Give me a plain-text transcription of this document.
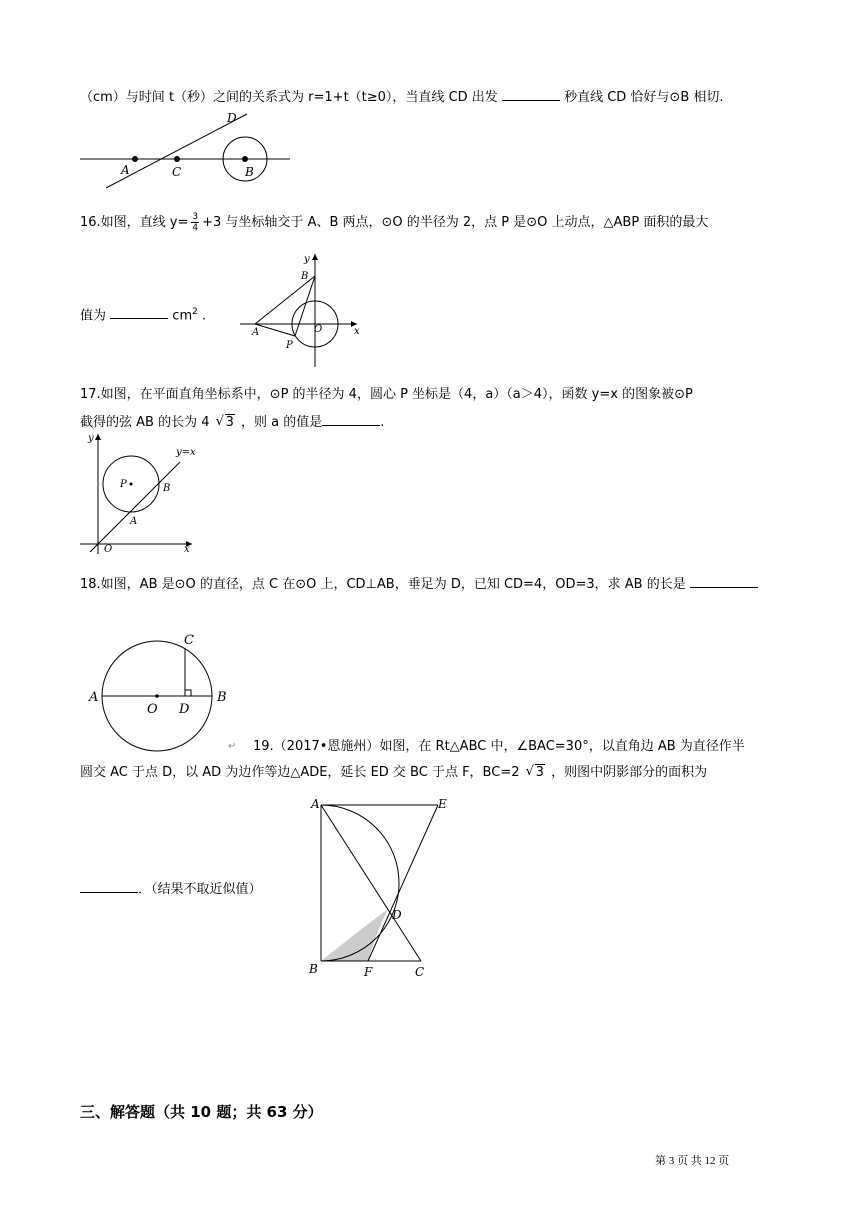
（cm）与时间 t（秒）之间的关系式为 r=1+t（t≥0），当直线 CD 出发	秒直线 CD 恰好与⊙B 相切.
A	C
D
B
16.如图，直线 $y= \frac{3}{4} +3$ 与坐标轴交于 A、B 两点，⊙O 的半径为 2，点 P 是⊙O 上动点，△ABP 面积的最大
值为	$cm^2$ .
y
B
A	O	x
P
17.如图，在平面直角坐标系中，⊙P 的半径为 4，圆心 P 坐标是（4，a）（a＞4），函数 y=x 的图象被⊙P
截得的弦 AB 的长为 4 √ 3 ，则 a 的值是	.
y
y=x
P	B
A
O	x
18.如图，AB 是⊙O 的直径，点 C 在⊙O 上，CD⊥AB，垂足为 D，已知 CD=4，OD=3，求 AB 的长是
C
A
O D
B
↵ 19.（2017•恩施州）如图，在 Rt△ABC 中，∠BAC=30°，以直角边 AB 为直径作半
圆交 AC 于点 D，以 AD 为边作等边△ADE，延长 ED 交 BC 于点 F，BC=2 √ 3 ，则图中阴影部分的面积为
．（结果不取近似值）
A	E
D
B	F	C
三、解答题（共 10 题；共 63 分）
第 3 页 共 12 页
